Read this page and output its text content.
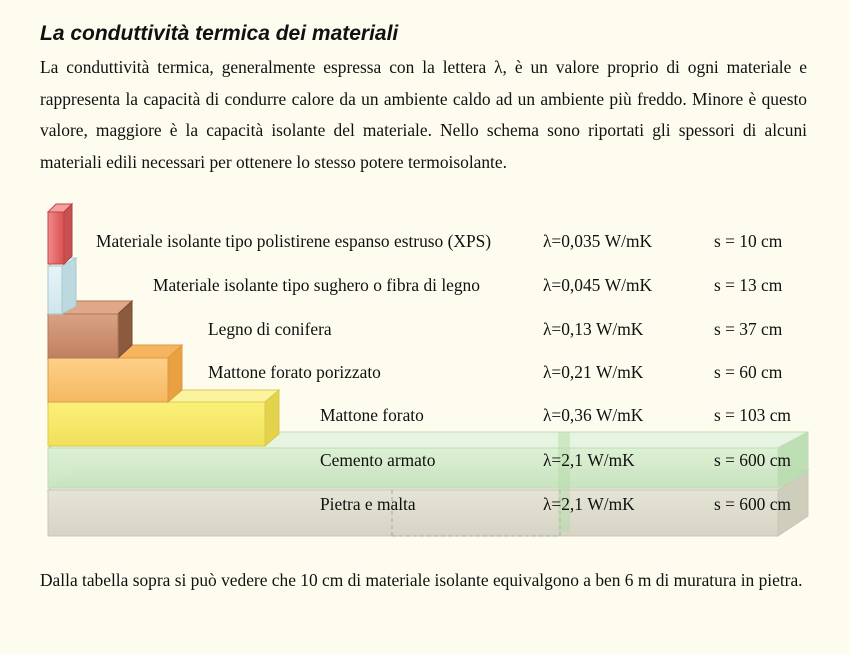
La conduttività termica dei materiali

La conduttività termica, generalmente espressa con la lettera λ, è un valore proprio di ogni materiale e rappresenta la capacità di condurre calore da un ambiente caldo ad un ambiente più freddo. Minore è questo valore, maggiore è la capacità isolante del materiale. Nello schema sono riportati gli spessori di alcuni materiali edili necessari per ottenere lo stesso potere termoisolante.

Materiale isolante tipo polistirene espanso estruso (XPS)	λ=0,035 W/mK	s = 10 cm
Materiale isolante tipo sughero o fibra di legno	λ=0,045 W/mK	s = 13 cm
Legno di conifera	λ=0,13 W/mK	s = 37 cm
Mattone forato porizzato	λ=0,21 W/mK	s = 60 cm
Mattone forato	λ=0,36 W/mK	s = 103 cm
Cemento armato	λ=2,1 W/mK	s = 600 cm
Pietra e malta	λ=2,1 W/mK	s = 600 cm

Dalla tabella sopra si può vedere che 10 cm di materiale isolante equivalgono a ben 6 m di muratura in pietra.
